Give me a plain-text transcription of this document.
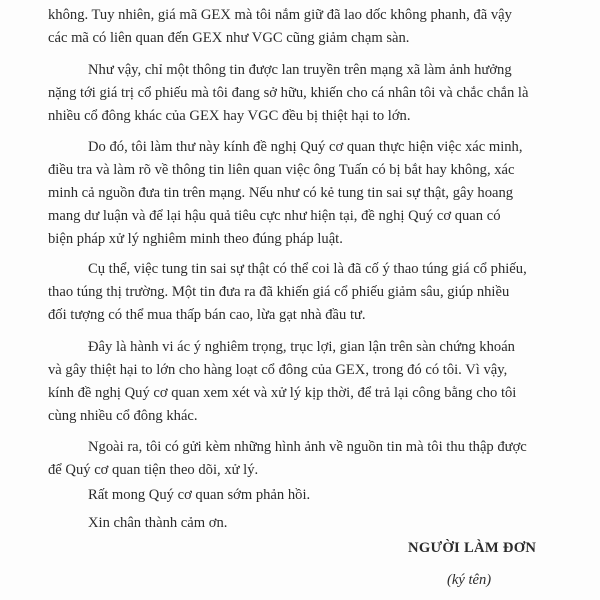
không. Tuy nhiên, giá mã GEX mà tôi nắm giữ đã lao dốc không phanh, đã vậy
các mã có liên quan đến GEX như VGC cũng giảm chạm sàn.
Như vậy, chỉ một thông tin được lan truyền trên mạng xã làm ảnh hưởng
nặng tới giá trị cổ phiếu mà tôi đang sở hữu, khiến cho cá nhân tôi và chắc chắn là
nhiều cổ đông khác của GEX hay VGC đều bị thiệt hại to lớn.
Do đó, tôi làm thư này kính đề nghị Quý cơ quan thực hiện việc xác minh,
điều tra và làm rõ về thông tin liên quan việc ông Tuấn có bị bắt hay không, xác
minh cả nguồn đưa tin trên mạng. Nếu như có kẻ tung tin sai sự thật, gây hoang
mang dư luận và để lại hậu quả tiêu cực như hiện tại, đề nghị Quý cơ quan có
biện pháp xử lý nghiêm minh theo đúng pháp luật.
Cụ thể, việc tung tin sai sự thật có thể coi là đã cố ý thao túng giá cổ phiếu,
thao túng thị trường. Một tin đưa ra đã khiến giá cổ phiếu giảm sâu, giúp nhiều
đối tượng có thể mua thấp bán cao, lừa gạt nhà đầu tư.
Đây là hành vi ác ý nghiêm trọng, trục lợi, gian lận trên sàn chứng khoán
và gây thiệt hại to lớn cho hàng loạt cổ đông của GEX, trong đó có tôi. Vì vậy,
kính đề nghị Quý cơ quan xem xét và xử lý kịp thời, để trả lại công bằng cho tôi
cùng nhiều cổ đông khác.
Ngoài ra, tôi có gửi kèm những hình ảnh về nguồn tin mà tôi thu thập được
để Quý cơ quan tiện theo dõi, xử lý.
Rất mong Quý cơ quan sớm phản hồi.
Xin chân thành cảm ơn.
NGƯỜI LÀM ĐƠN
(ký tên)
